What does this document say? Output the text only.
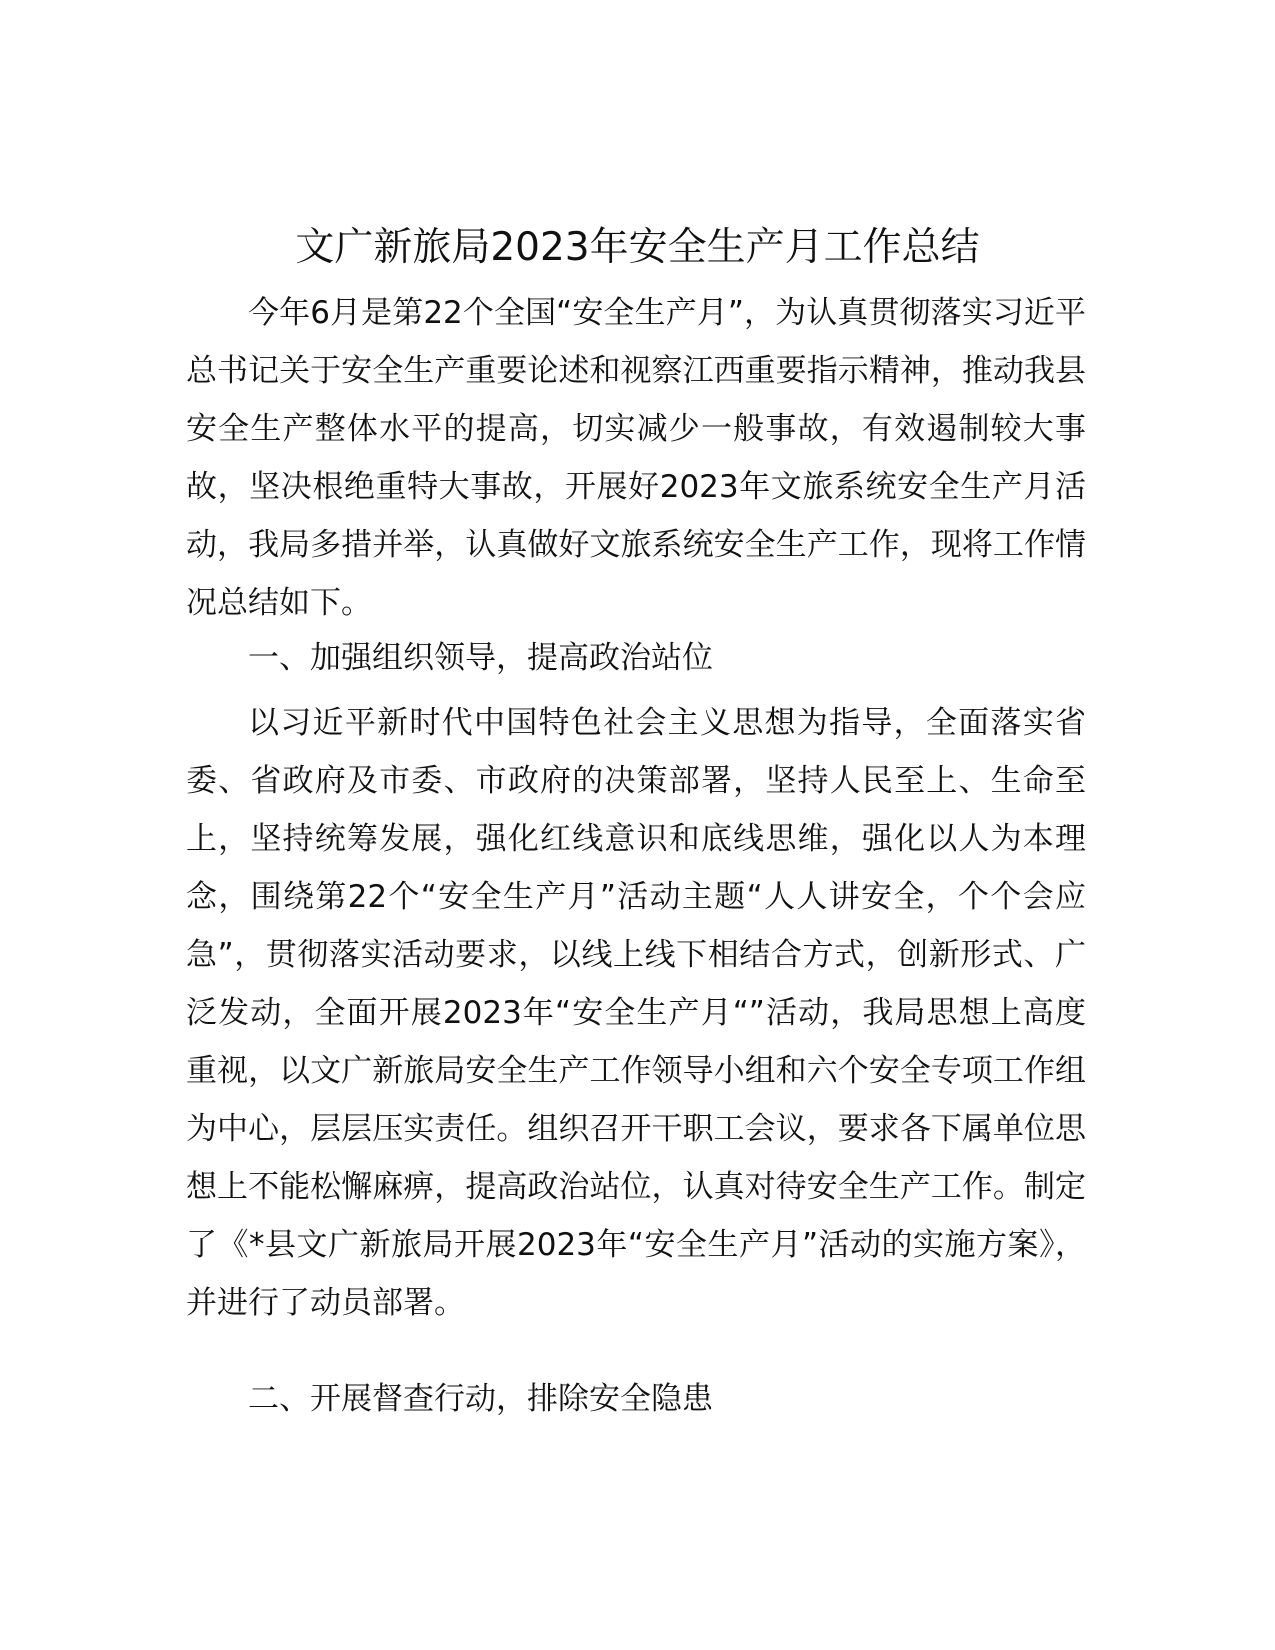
文广新旅局2023年安全生产月工作总结

今年6月是第22个全国“安全生产月”，为认真贯彻落实习近平总书记关于安全生产重要论述和视察江西重要指示精神，推动我县安全生产整体水平的提高，切实减少一般事故，有效遏制较大事故，坚决根绝重特大事故，开展好2023年文旅系统安全生产月活动，我局多措并举，认真做好文旅系统安全生产工作，现将工作情况总结如下。

一、加强组织领导，提高政治站位

以习近平新时代中国特色社会主义思想为指导，全面落实省委、省政府及市委、市政府的决策部署，坚持人民至上、生命至上，坚持统筹发展，强化红线意识和底线思维，强化以人为本理念，围绕第22个“安全生产月”活动主题“人人讲安全，个个会应急”，贯彻落实活动要求，以线上线下相结合方式，创新形式、广泛发动，全面开展2023年“安全生产月“”活动，我局思想上高度重视，以文广新旅局安全生产工作领导小组和六个安全专项工作组为中心，层层压实责任。组织召开干职工会议，要求各下属单位思想上不能松懈麻痹，提高政治站位，认真对待安全生产工作。制定了《*县文广新旅局开展2023年“安全生产月”活动的实施方案》，并进行了动员部署。

二、开展督查行动，排除安全隐患
